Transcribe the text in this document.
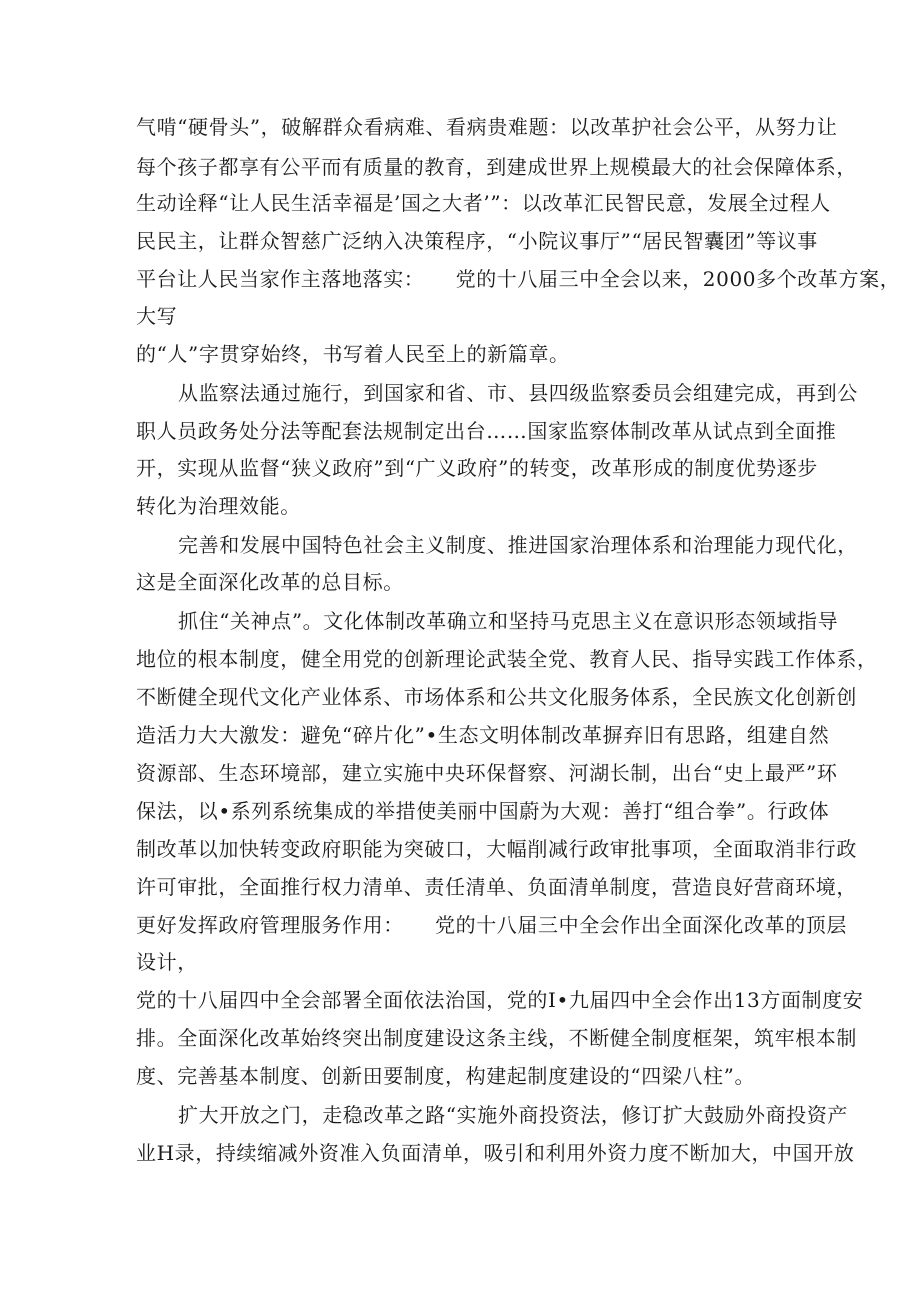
气啃“硬骨头”，破解群众看病难、看病贵难题：以改革护社会公平，从努力让
每个孩子都享有公平而有质量的教育，到建成世界上规模最大的社会保障体系，
生动诠释“让人民生活幸福是’国之大者’”：以改革汇民智民意，发展全过程人
民民主，让群众智慈广泛纳入决策程序，“小院议事厅”“居民智囊团”等议事
平台让人民当家作主落地落实：　　党的十八届三中全会以来，2000多个改革方案，
大写
的“人”字贯穿始终，书写着人民至上的新篇章。
从监察法通过施行，到国家和省、市、县四级监察委员会组建完成，再到公
职人员政务处分法等配套法规制定出台……国家监察体制改革从试点到全面推
开，实现从监督“狭义政府”到“广义政府”的转变，改革形成的制度优势逐步
转化为治理效能。
完善和发展中国特色社会主义制度、推进国家治理体系和治理能力现代化，
这是全面深化改革的总目标。
抓住“关神点”。文化体制改革确立和坚持马克思主义在意识形态领域指导
地位的根本制度，健全用党的创新理论武装全党、教育人民、指导实践工作体系，
不断健全现代文化产业体系、市场体系和公共文化服务体系，全民族文化创新创
造活力大大激发：避免“碎片化”•生态文明体制改革摒弃旧有思路，组建自然
资源部、生态环境部，建立实施中央环保督察、河湖长制，出台“史上最严”环
保法，以•系列系统集成的举措使美丽中国蔚为大观：善打“组合拳”。行政体
制改革以加快转变政府职能为突破口，大幅削减行政审批事项，全面取消非行政
许可审批，全面推行权力清单、责任清单、负面清单制度，营造良好营商环境，
更好发挥政府管理服务作用：　　党的十八届三中全会作出全面深化改革的顶层
设计，
党的十八届四中全会部署全面依法治国，党的I•九届四中全会作出13方面制度安
排。全面深化改革始终突出制度建设这条主线，不断健全制度框架，筑牢根本制
度、完善基本制度、创新田要制度，构建起制度建设的“四梁八柱”。
扩大开放之门，走稳改革之路“实施外商投资法，修订扩大鼓励外商投资产
业H录，持续缩减外资准入负面清单，吸引和利用外资力度不断加大，中国开放
